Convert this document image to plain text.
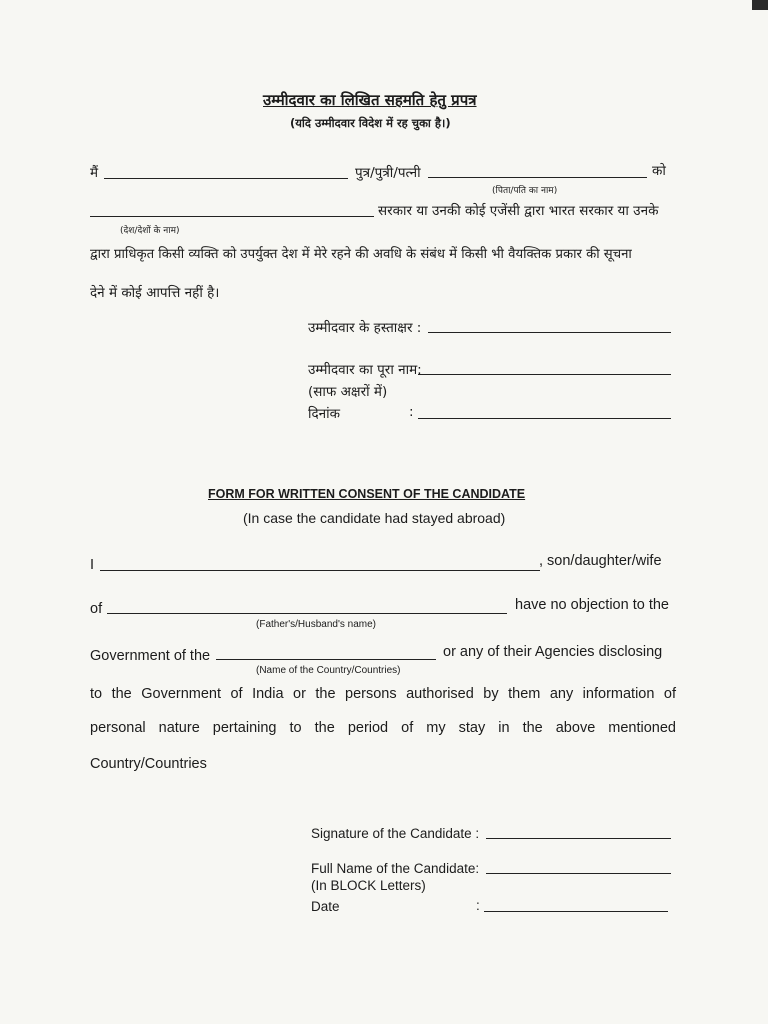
उम्मीदवार का लिखित सहमति हेतु प्रपत्र
(यदि उम्मीदवार विदेश में रह चुका है।)
मैं	पुत्र/पुत्री/पत्नी	को
(पिता/पति का नाम)
सरकार या उनकी कोई एजेंसी द्वारा भारत सरकार या उनके
(देश/देशों के नाम)
द्वारा प्राधिकृत किसी व्यक्ति को उपर्युक्त देश में मेरे रहने की अवधि के संबंध में किसी भी वैयक्तिक प्रकार की सूचना
देने में कोई आपत्ति नहीं है।
उम्मीदवार के हस्ताक्षर :
उम्मीदवार का पूरा नाम:
(साफ अक्षरों में)
दिनांक	:
FORM FOR WRITTEN CONSENT OF THE CANDIDATE
(In case the candidate had stayed abroad)
I	, son/daughter/wife
of	have no objection to the
(Father's/Husband's name)
Government of the	or any of their Agencies disclosing
(Name of the Country/Countries)
to the Government of India or the persons authorised by them any information of
personal nature pertaining to the period of my stay in the above mentioned
Country/Countries
Signature of the Candidate :
Full Name of the Candidate:
(In BLOCK Letters)
Date	:
